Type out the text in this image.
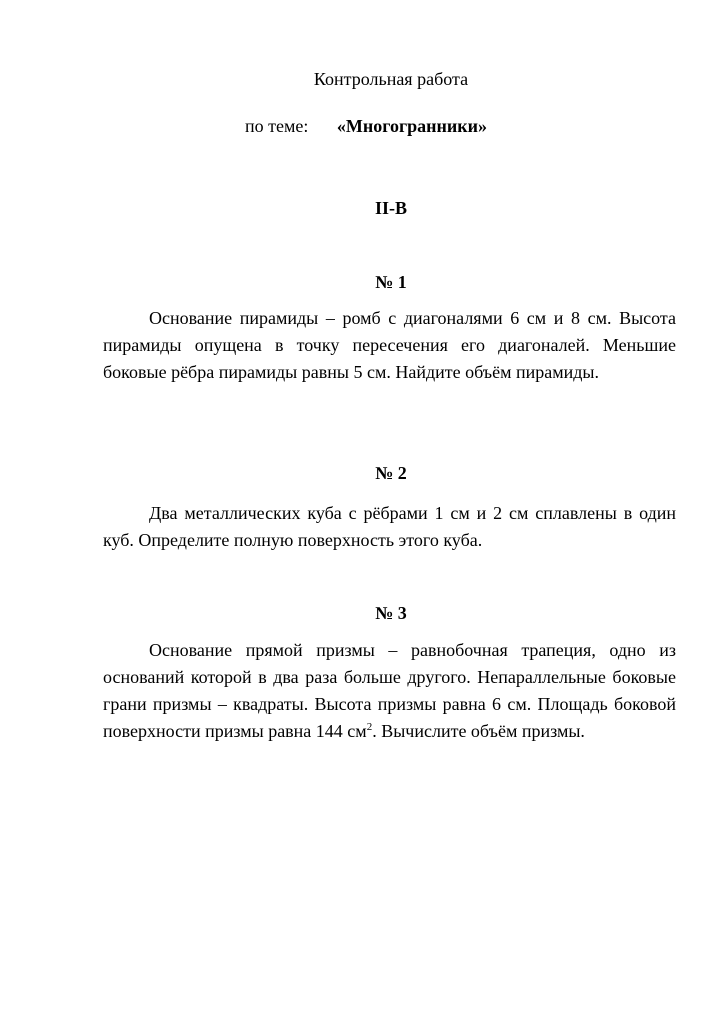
Контрольная работа
по теме: «Многогранники»
II-В
№ 1

Основание пирамиды – ромб с диагоналями 6 см и 8 см. Высота пирамиды опущена в точку пересечения его диагоналей. Меньшие боковые рёбра пирамиды равны 5 см. Найдите объём пирамиды.

№ 2

Два металлических куба с рёбрами 1 см и 2 см сплавлены в один куб. Определите полную поверхность этого куба.

№ 3

Основание прямой призмы – равнобочная трапеция, одно из оснований которой в два раза больше другого. Непараллельные боковые грани призмы – квадраты. Высота призмы равна 6 см. Площадь боковой поверхности призмы равна 144 $см^2$. Вычислите объём призмы.
